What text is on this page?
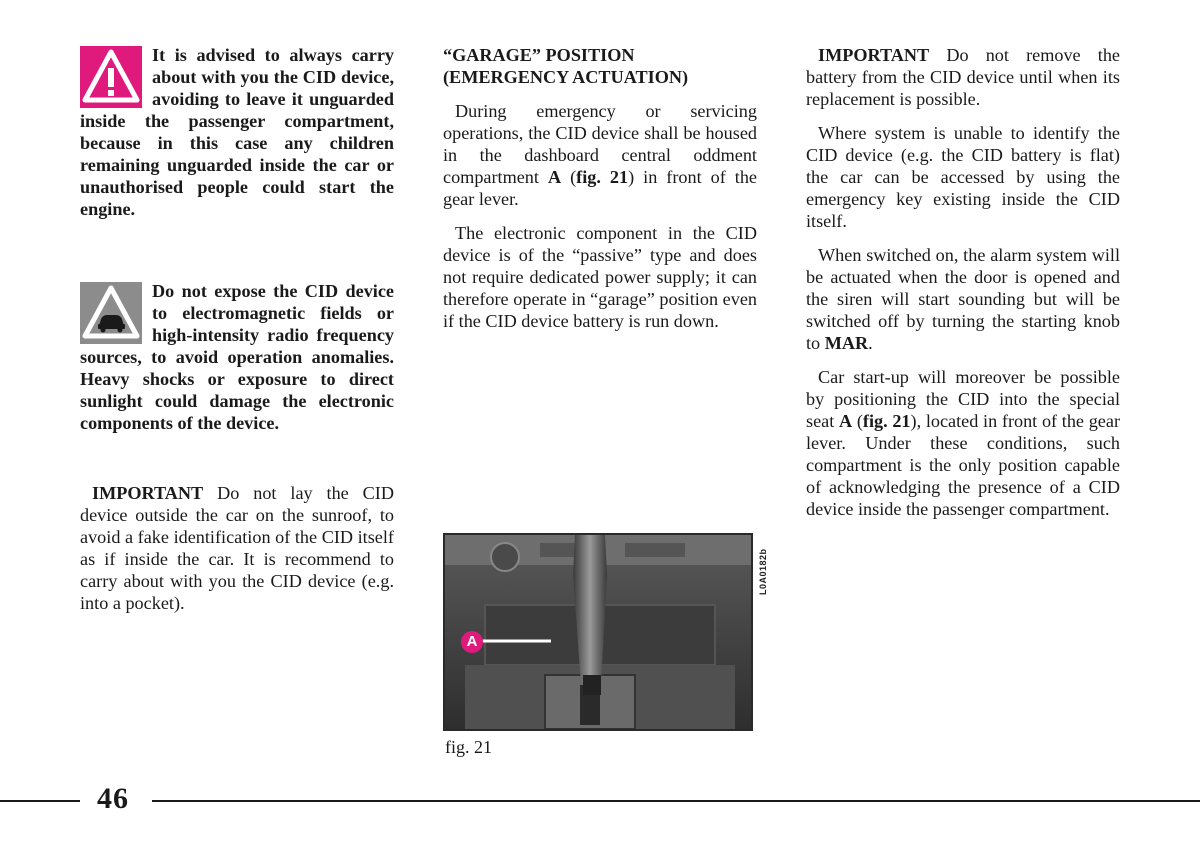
It is advised to always carry about with you the CID device, avoiding to leave it unguarded inside the passenger compartment, because in this case any children remaining unguarded inside the car or unauthorised people could start the engine.

Do not expose the CID device to electromagnetic fields or high-intensity radio frequency sources, to avoid operation anomalies. Heavy shocks or exposure to direct sunlight could damage the electronic components of the device.

IMPORTANT Do not lay the CID device outside the car on the sunroof, to avoid a fake identification of the CID itself as if inside the car. It is recommend to carry about with you the CID device (e.g. into a pocket).

“GARAGE” POSITION
(EMERGENCY ACTUATION)

During emergency or servicing operations, the CID device shall be housed in the dashboard central oddment compartment A (fig. 21) in front of the gear lever.

The electronic component in the CID device is of the “passive” type and does not require dedicated power supply; it can therefore operate in “garage” position even if the CID device battery is run down.

A
L0A0182b
fig. 21

IMPORTANT Do not remove the battery from the CID device until when its replacement is possible.

Where system is unable to identify the CID device (e.g. the CID battery is flat) the car can be accessed by using the emergency key existing inside the CID itself.

When switched on, the alarm system will be actuated when the door is opened and the siren will start sounding but will be switched off by turning the starting knob to MAR.

Car start-up will moreover be possible by positioning the CID into the special seat A (fig. 21), located in front of the gear lever. Under these conditions, such compartment is the only position capable of acknowledging the presence of a CID device inside the passenger compartment.

46
